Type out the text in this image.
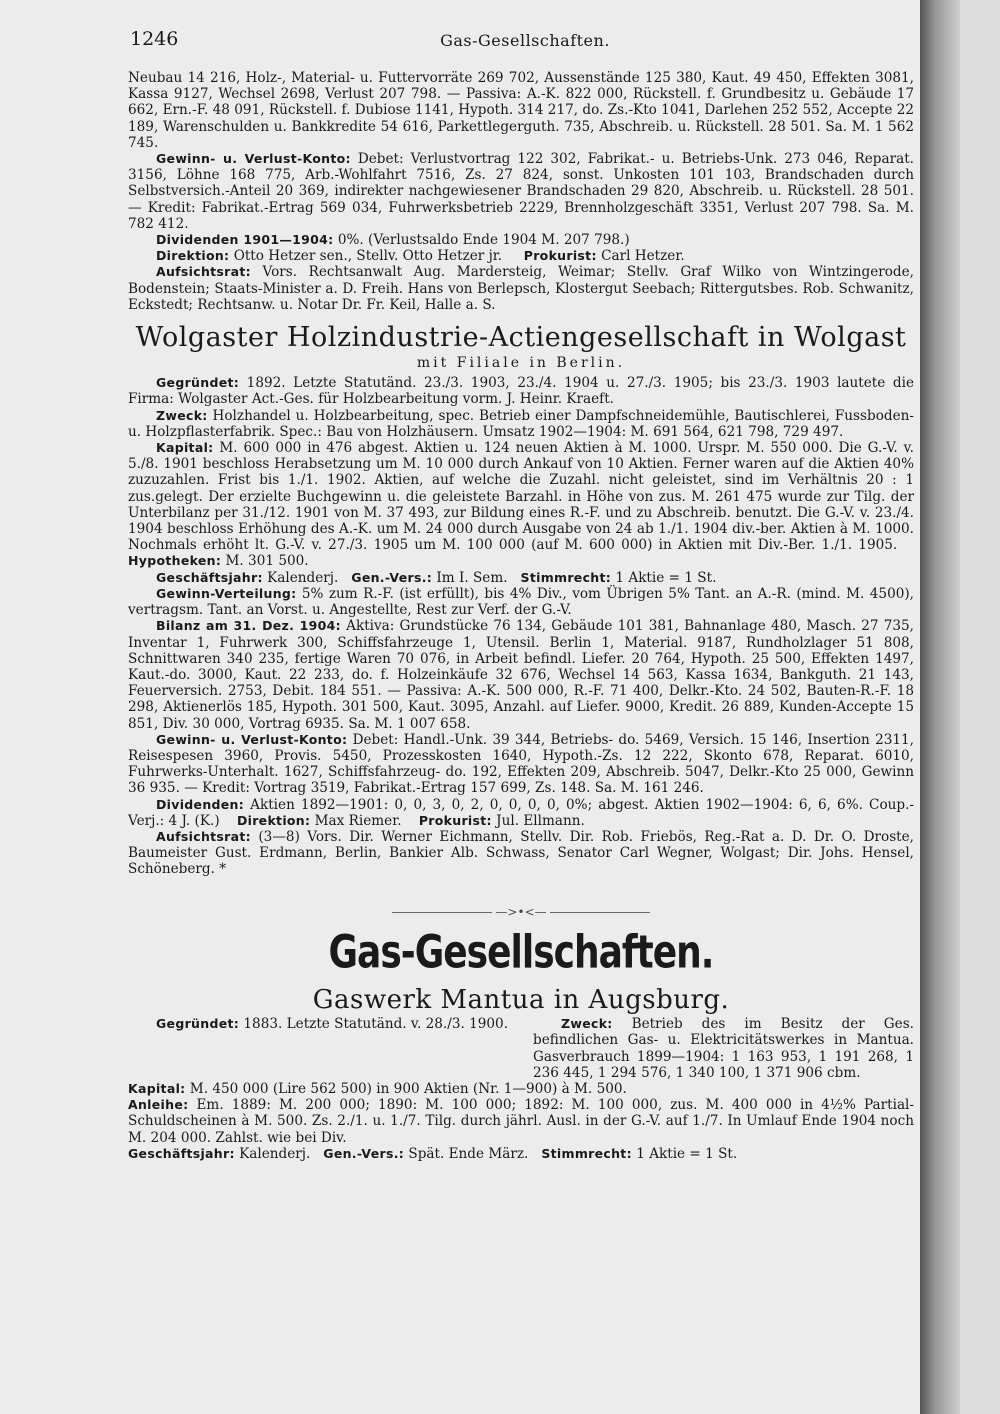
1246	Gas-Gesellschaften.

Neubau 14 216, Holz-, Material- u. Futtervorräte 269 702, Aussenstände 125 380, Kaut. 49 450, Effekten 3081, Kassa 9127, Wechsel 2698, Verlust 207 798. — Passiva: A.-K. 822 000, Rückstell. f. Grundbesitz u. Gebäude 17 662, Ern.-F. 48 091, Rückstell. f. Dubiose 1141, Hypoth. 314 217, do. Zs.-Kto 1041, Darlehen 252 552, Accepte 22 189, Warenschulden u. Bankkredite 54 616, Parkettlegerguth. 735, Abschreib. u. Rückstell. 28 501. Sa. M. 1 562 745.

Gewinn- u. Verlust-Konto: Debet: Verlustvortrag 122 302, Fabrikat.- u. Betriebs-Unk. 273 046, Reparat. 3156, Löhne 168 775, Arb.-Wohlfahrt 7516, Zs. 27 824, sonst. Unkosten 101 103, Brandschaden durch Selbstversich.-Anteil 20 369, indirekter nachgewiesener Brandschaden 29 820, Abschreib. u. Rückstell. 28 501. — Kredit: Fabrikat.-Ertrag 569 034, Fuhrwerksbetrieb 2229, Brennholzgeschäft 3351, Verlust 207 798. Sa. M. 782 412.

Dividenden 1901—1904: 0%. (Verlustsaldo Ende 1904 M. 207 798.)

Direktion: Otto Hetzer sen., Stellv. Otto Hetzer jr. Prokurist: Carl Hetzer.

Aufsichtsrat: Vors. Rechtsanwalt Aug. Mardersteig, Weimar; Stellv. Graf Wilko von Wintzingerode, Bodenstein; Staats-Minister a. D. Freih. Hans von Berlepsch, Klostergut Seebach; Rittergutsbes. Rob. Schwanitz, Eckstedt; Rechtsanw. u. Notar Dr. Fr. Keil, Halle a. S.

Wolgaster Holzindustrie-Actiengesellschaft in Wolgast
mit Filiale in Berlin.

Gegründet: 1892. Letzte Statutänd. 23./3. 1903, 23./4. 1904 u. 27./3. 1905; bis 23./3. 1903 lautete die Firma: Wolgaster Act.-Ges. für Holzbearbeitung vorm. J. Heinr. Kraeft.

Zweck: Holzhandel u. Holzbearbeitung, spec. Betrieb einer Dampfschneidemühle, Bautischlerei, Fussboden- u. Holzpflasterfabrik. Spec.: Bau von Holzhäusern. Umsatz 1902—1904: M. 691 564, 621 798, 729 497.

Kapital: M. 600 000 in 476 abgest. Aktien u. 124 neuen Aktien à M. 1000. Urspr. M. 550 000. Die G.-V. v. 5./8. 1901 beschloss Herabsetzung um M. 10 000 durch Ankauf von 10 Aktien. Ferner waren auf die Aktien 40% zuzuzahlen. Frist bis 1./1. 1902. Aktien, auf welche die Zuzahl. nicht geleistet, sind im Verhältnis 20 : 1 zus.gelegt. Der erzielte Buchgewinn u. die geleistete Barzahl. in Höhe von zus. M. 261 475 wurde zur Tilg. der Unterbilanz per 31./12. 1901 von M. 37 493, zur Bildung eines R.-F. und zu Abschreib. benutzt. Die G.-V. v. 23./4. 1904 beschloss Erhöhung des A.-K. um M. 24 000 durch Ausgabe von 24 ab 1./1. 1904 div.-ber. Aktien à M. 1000. Nochmals erhöht lt. G.-V. v. 27./3. 1905 um M. 100 000 (auf M. 600 000) in Aktien mit Div.-Ber. 1./1. 1905.    Hypotheken: M. 301 500.

Geschäftsjahr: Kalenderj. Gen.-Vers.: Im I. Sem. Stimmrecht: 1 Aktie = 1 St.

Gewinn-Verteilung: 5% zum R.-F. (ist erfüllt), bis 4% Div., vom Übrigen 5% Tant. an A.-R. (mind. M. 4500), vertragsm. Tant. an Vorst. u. Angestellte, Rest zur Verf. der G.-V.

Bilanz am 31. Dez. 1904: Aktiva: Grundstücke 76 134, Gebäude 101 381, Bahnanlage 480, Masch. 27 735, Inventar 1, Fuhrwerk 300, Schiffsfahrzeuge 1, Utensil. Berlin 1, Material. 9187, Rundholzlager 51 808, Schnittwaren 340 235, fertige Waren 70 076, in Arbeit befindl. Liefer. 20 764, Hypoth. 25 500, Effekten 1497, Kaut.-do. 3000, Kaut. 22 233, do. f. Holzeinkäufe 32 676, Wechsel 14 563, Kassa 1634, Bankguth. 21 143, Feuerversich. 2753, Debit. 184 551. — Passiva: A.-K. 500 000, R.-F. 71 400, Delkr.-Kto. 24 502, Bauten-R.-F. 18 298, Aktienerlös 185, Hypoth. 301 500, Kaut. 3095, Anzahl. auf Liefer. 9000, Kredit. 26 889, Kunden-Accepte 15 851, Div. 30 000, Vortrag 6935. Sa. M. 1 007 658.

Gewinn- u. Verlust-Konto: Debet: Handl.-Unk. 39 344, Betriebs- do. 5469, Versich. 15 146, Insertion 2311, Reisespesen 3960, Provis. 5450, Prozesskosten 1640, Hypoth.-Zs. 12 222, Skonto 678, Reparat. 6010, Fuhrwerks-Unterhalt. 1627, Schiffsfahrzeug- do. 192, Effekten 209, Abschreib. 5047, Delkr.-Kto 25 000, Gewinn 36 935. — Kredit: Vortrag 3519, Fabrikat.-Ertrag 157 699, Zs. 148. Sa. M. 161 246.

Dividenden: Aktien 1892—1901: 0, 0, 3, 0, 2, 0, 0, 0, 0, 0%; abgest. Aktien 1902—1904: 6, 6, 6%. Coup.-Verj.: 4 J. (K.) Direktion: Max Riemer. Prokurist: Jul. Ellmann.

Aufsichtsrat: (3—8) Vors. Dir. Werner Eichmann, Stellv. Dir. Rob. Friebös, Reg.-Rat a. D. Dr. O. Droste, Baumeister Gust. Erdmann, Berlin, Bankier Alb. Schwass, Senator Carl Wegner, Wolgast; Dir. Johs. Hensel, Schöneberg. *

—>•<—
Gas-Gesellschaften.
Gaswerk Mantua in Augsburg.

Gegründet: 1883. Letzte Statutänd. v. 28./3. 1900.	Zweck: Betrieb des im Besitz der Ges. befindlichen Gas- u. Elektricitätswerkes in Mantua. Gasverbrauch 1899—1904: 1 163 953, 1 191 268, 1 236 445, 1 294 576, 1 340 100, 1 371 906 cbm.

Kapital: M. 450 000 (Lire 562 500) in 900 Aktien (Nr. 1—900) à M. 500.

Anleihe: Em. 1889: M. 200 000; 1890: M. 100 000; 1892: M. 100 000, zus. M. 400 000 in 4½% Partial-Schuldscheinen à M. 500. Zs. 2./1. u. 1./7. Tilg. durch jährl. Ausl. in der G.-V. auf 1./7. In Umlauf Ende 1904 noch M. 204 000. Zahlst. wie bei Div.

Geschäftsjahr: Kalenderj. Gen.-Vers.: Spät. Ende März. Stimmrecht: 1 Aktie = 1 St.
